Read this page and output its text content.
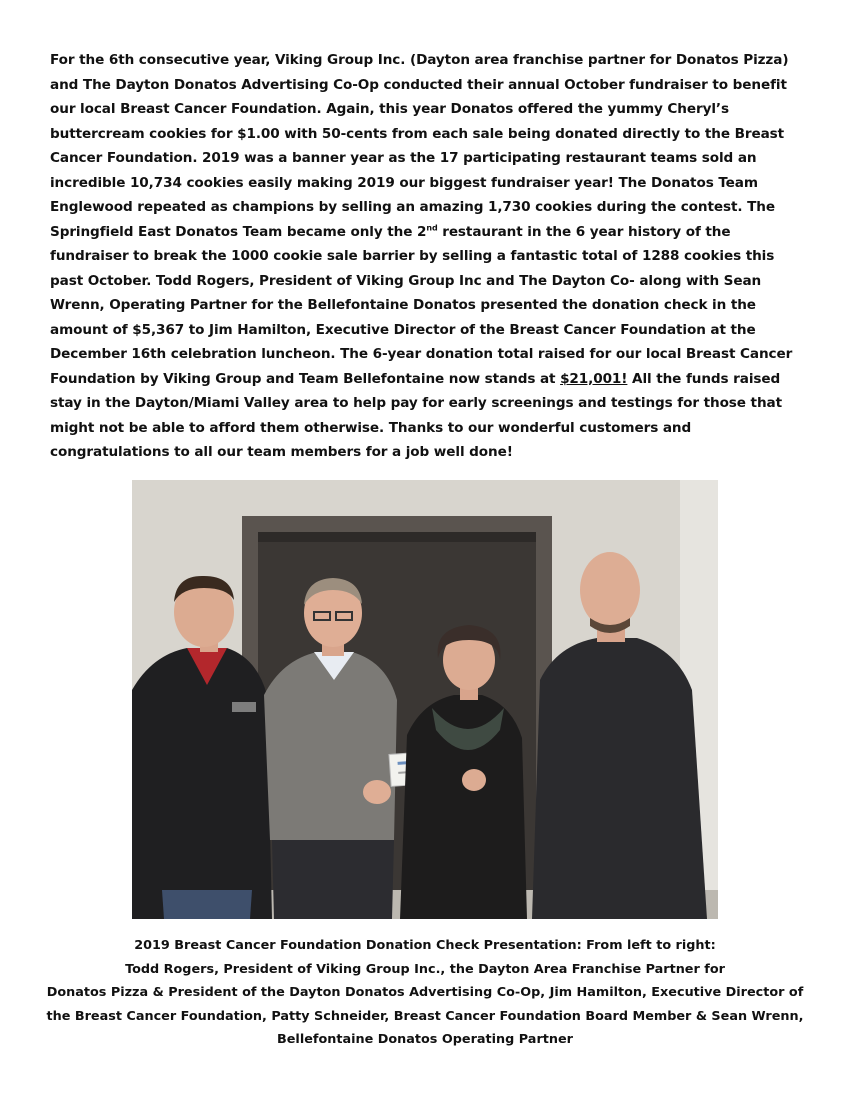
For the 6th consecutive year, Viking Group Inc. (Dayton area franchise partner for Donatos Pizza) and The Dayton Donatos Advertising Co-Op conducted their annual October fundraiser to benefit our local Breast Cancer Foundation. Again, this year Donatos offered the yummy Cheryl’s buttercream cookies for $1.00 with 50-cents from each sale being donated directly to the Breast Cancer Foundation. 2019 was a banner year as the 17 participating restaurant teams sold an incredible 10,734 cookies easily making 2019 our biggest fundraiser year! The Donatos Team Englewood repeated as champions by selling an amazing 1,730 cookies during the contest. The Springfield East Donatos Team became only the 2nd restaurant in the 6 year history of the fundraiser to break the 1000 cookie sale barrier by selling a fantastic total of 1288 cookies this past October. Todd Rogers, President of Viking Group Inc and The Dayton Co- along with Sean Wrenn, Operating Partner for the Bellefontaine Donatos presented the donation check in the amount of $5,367 to Jim Hamilton, Executive Director of the Breast Cancer Foundation at the December 16th celebration luncheon. The 6-year donation total raised for our local Breast Cancer Foundation by Viking Group and Team Bellefontaine now stands at $21,001! All the funds raised stay in the Dayton/Miami Valley area to help pay for early screenings and testings for those that might not be able to afford them otherwise. Thanks to our wonderful customers and congratulations to all our team members for a job well done!

2019 Breast Cancer Foundation Donation Check Presentation: From left to right:
Todd Rogers, President of Viking Group Inc., the Dayton Area Franchise Partner for
Donatos Pizza & President of the Dayton Donatos Advertising Co-Op, Jim Hamilton, Executive Director of
the Breast Cancer Foundation, Patty Schneider, Breast Cancer Foundation Board Member & Sean Wrenn,
Bellefontaine Donatos Operating Partner
